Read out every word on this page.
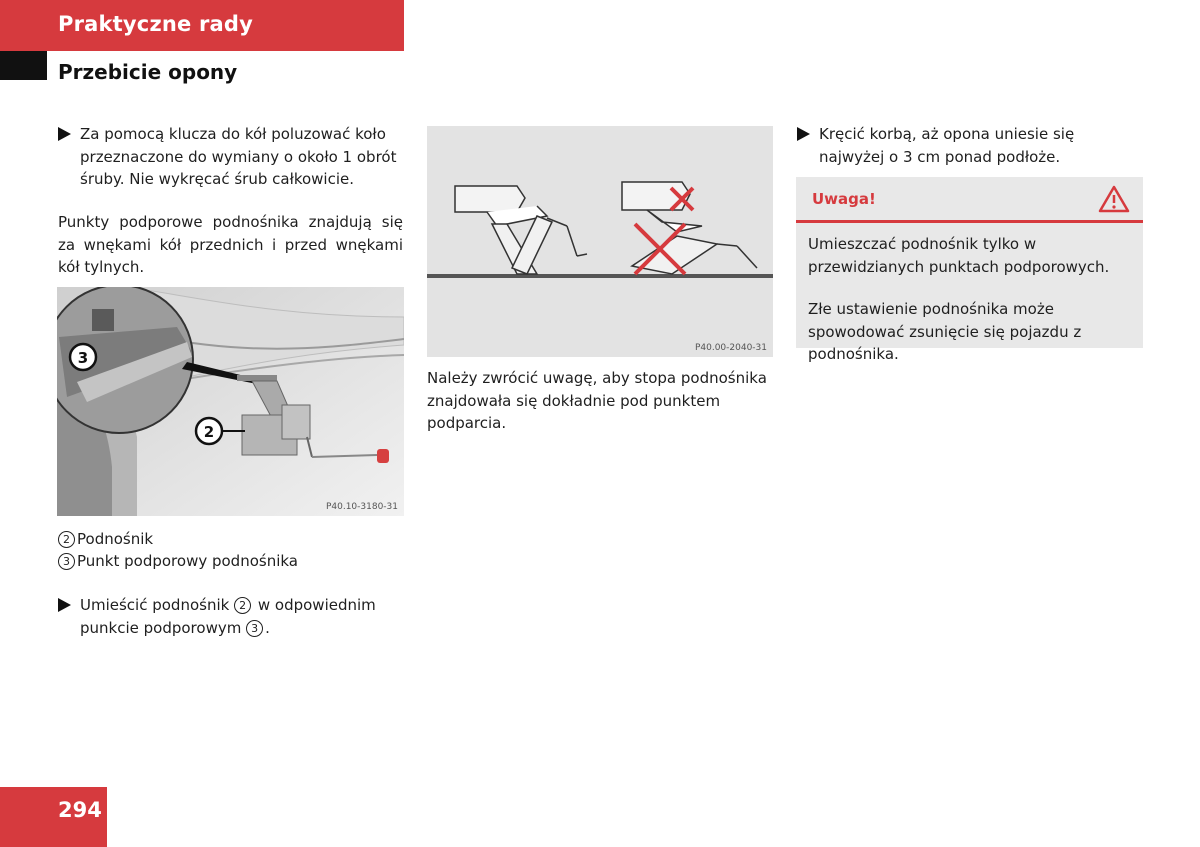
Praktyczne rady
Przebicie opony
Za pomocą klucza do kół poluzować koło przeznaczone do wymiany o około 1 obrót śruby. Nie wykręcać śrub całkowicie.
Punkty podporowe podnośnika znajdują się za wnękami kół przednich i przed wnękami kół tylnych.
3
2
P40.10-3180-31
2 Podnośnik
3 Punkt podporowy podnośnika
Umieścić podnośnik 2 w odpowiednim punkcie podporowym 3 .
P40.00-2040-31
Należy zwrócić uwagę, aby stopa podnośnika znajdowała się dokładnie pod punktem podparcia.
Kręcić korbą, aż opona uniesie się najwyżej o 3 cm ponad podłoże.
Uwaga!
Umieszczać podnośnik tylko w przewidzianych punktach podporowych.
Złe ustawienie podnośnika może spowodować zsunięcie się pojazdu z podnośnika.
294
